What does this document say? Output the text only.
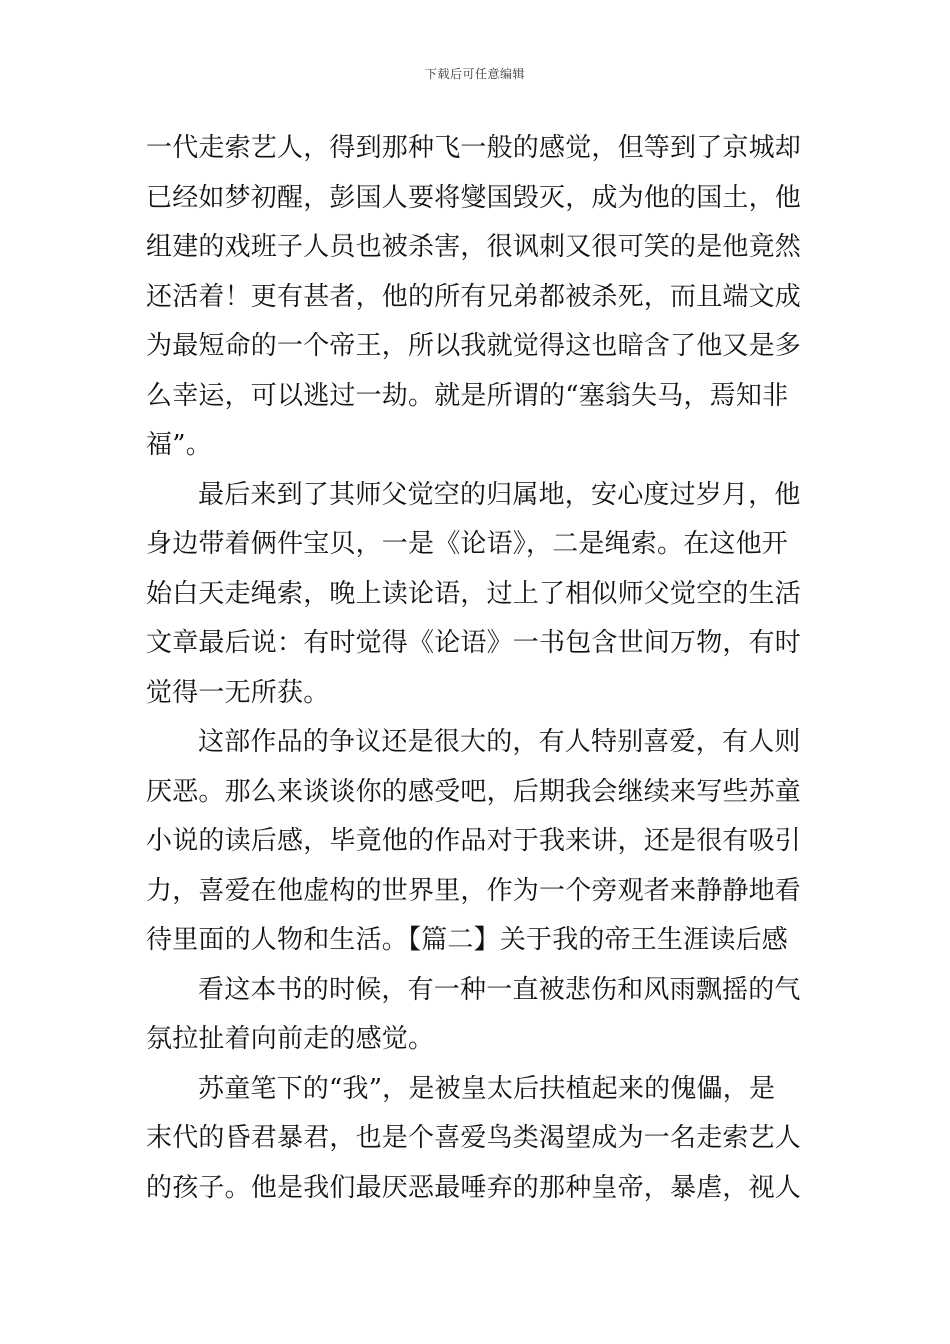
下载后可任意编辑
一代走索艺人，得到那种飞一般的感觉，但等到了京城却
已经如梦初醒，彭国人要将燮国毁灭，成为他的国土，他
组建的戏班子人员也被杀害，很讽刺又很可笑的是他竟然
还活着！更有甚者，他的所有兄弟都被杀死，而且端文成
为最短命的一个帝王，所以我就觉得这也暗含了他又是多
么幸运，可以逃过一劫。就是所谓的“塞翁失马，焉知非
福”。
最后来到了其师父觉空的归属地，安心度过岁月，他
身边带着俩件宝贝，一是《论语》，二是绳索。在这他开
始白天走绳索，晚上读论语，过上了相似师父觉空的生活
文章最后说：有时觉得《论语》一书包含世间万物，有时
觉得一无所获。
这部作品的争议还是很大的，有人特别喜爱，有人则
厌恶。那么来谈谈你的感受吧，后期我会继续来写些苏童
小说的读后感，毕竟他的作品对于我来讲，还是很有吸引
力，喜爱在他虚构的世界里，作为一个旁观者来静静地看
待里面的人物和生活。【篇二】关于我的帝王生涯读后感
看这本书的时候，有一种一直被悲伤和风雨飘摇的气
氛拉扯着向前走的感觉。
苏童笔下的“我”，是被皇太后扶植起来的傀儡，是
末代的昏君暴君，也是个喜爱鸟类渴望成为一名走索艺人
的孩子。他是我们最厌恶最唾弃的那种皇帝，暴虐，视人
